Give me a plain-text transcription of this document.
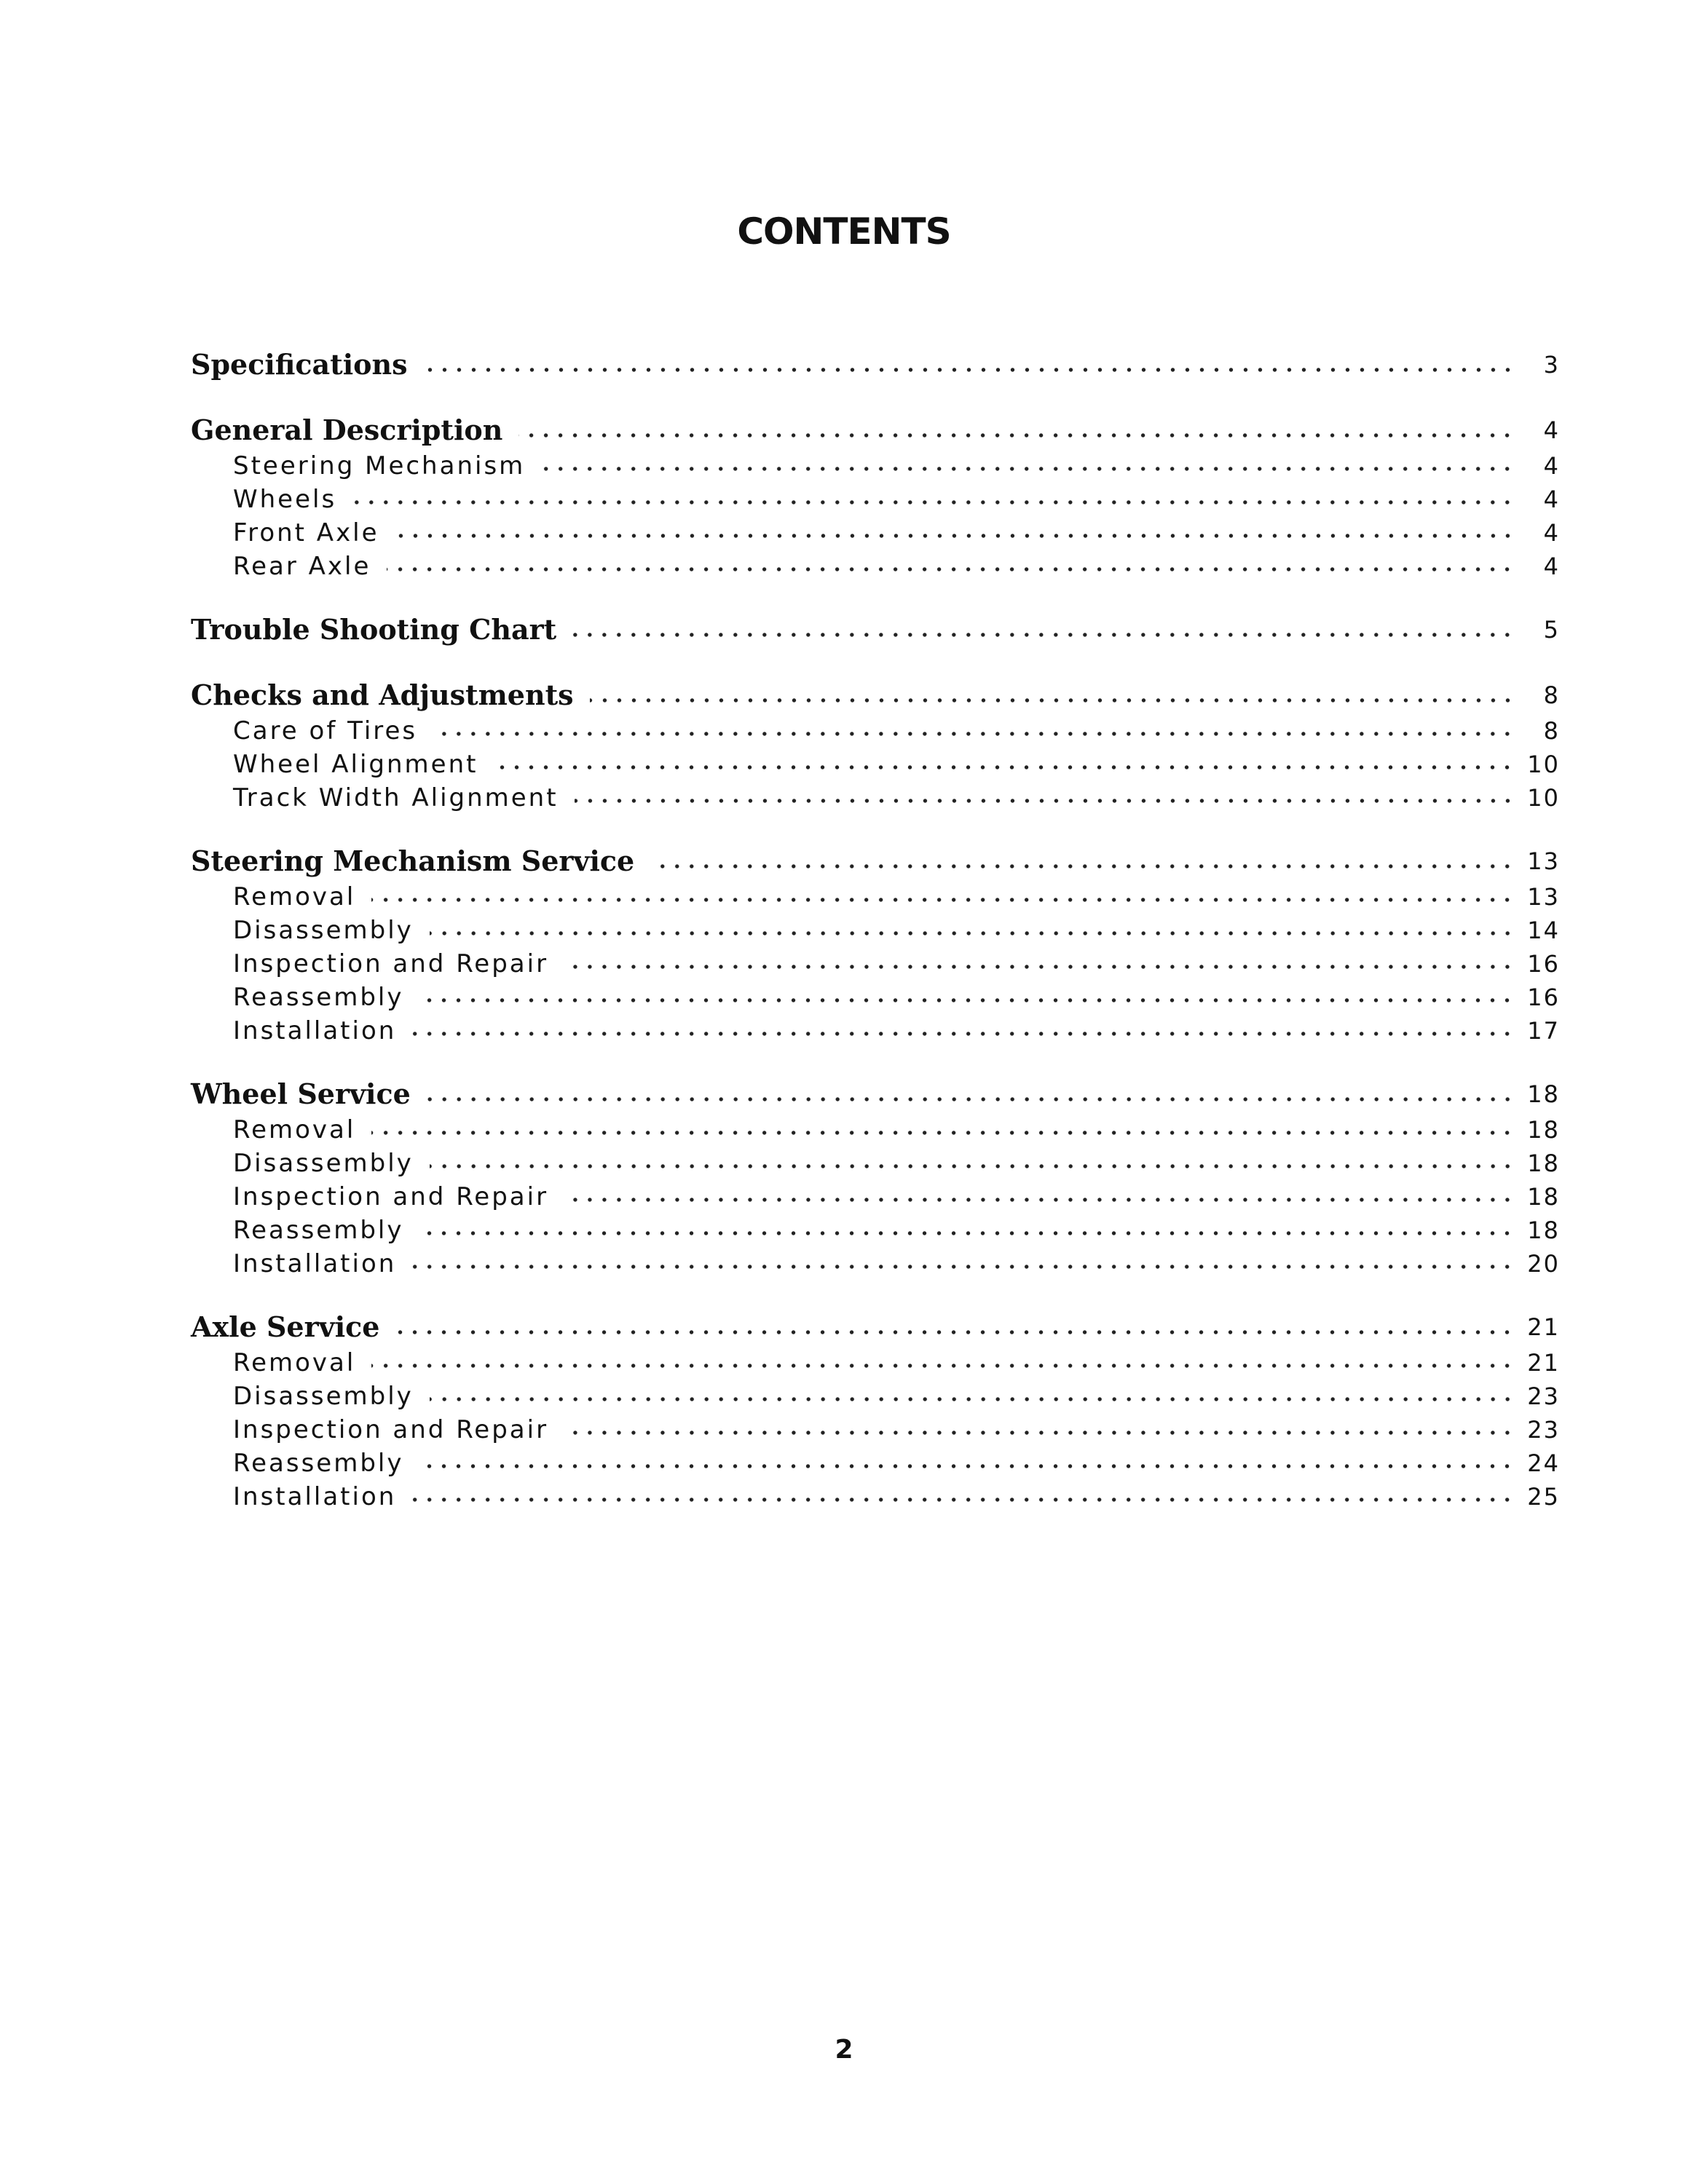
CONTENTS
Specifications	3
General Description	4
Steering Mechanism	4
Wheels	4
Front Axle	4
Rear Axle	4
Trouble Shooting Chart	5
Checks and Adjustments	8
Care of Tires	8
Wheel Alignment	10
Track Width Alignment	10
Steering Mechanism Service	13
Removal	13
Disassembly	14
Inspection and Repair	16
Reassembly	16
Installation	17
Wheel Service	18
Removal	18
Disassembly	18
Inspection and Repair	18
Reassembly	18
Installation	20
Axle Service	21
Removal	21
Disassembly	23
Inspection and Repair	23
Reassembly	24
Installation	25
2
